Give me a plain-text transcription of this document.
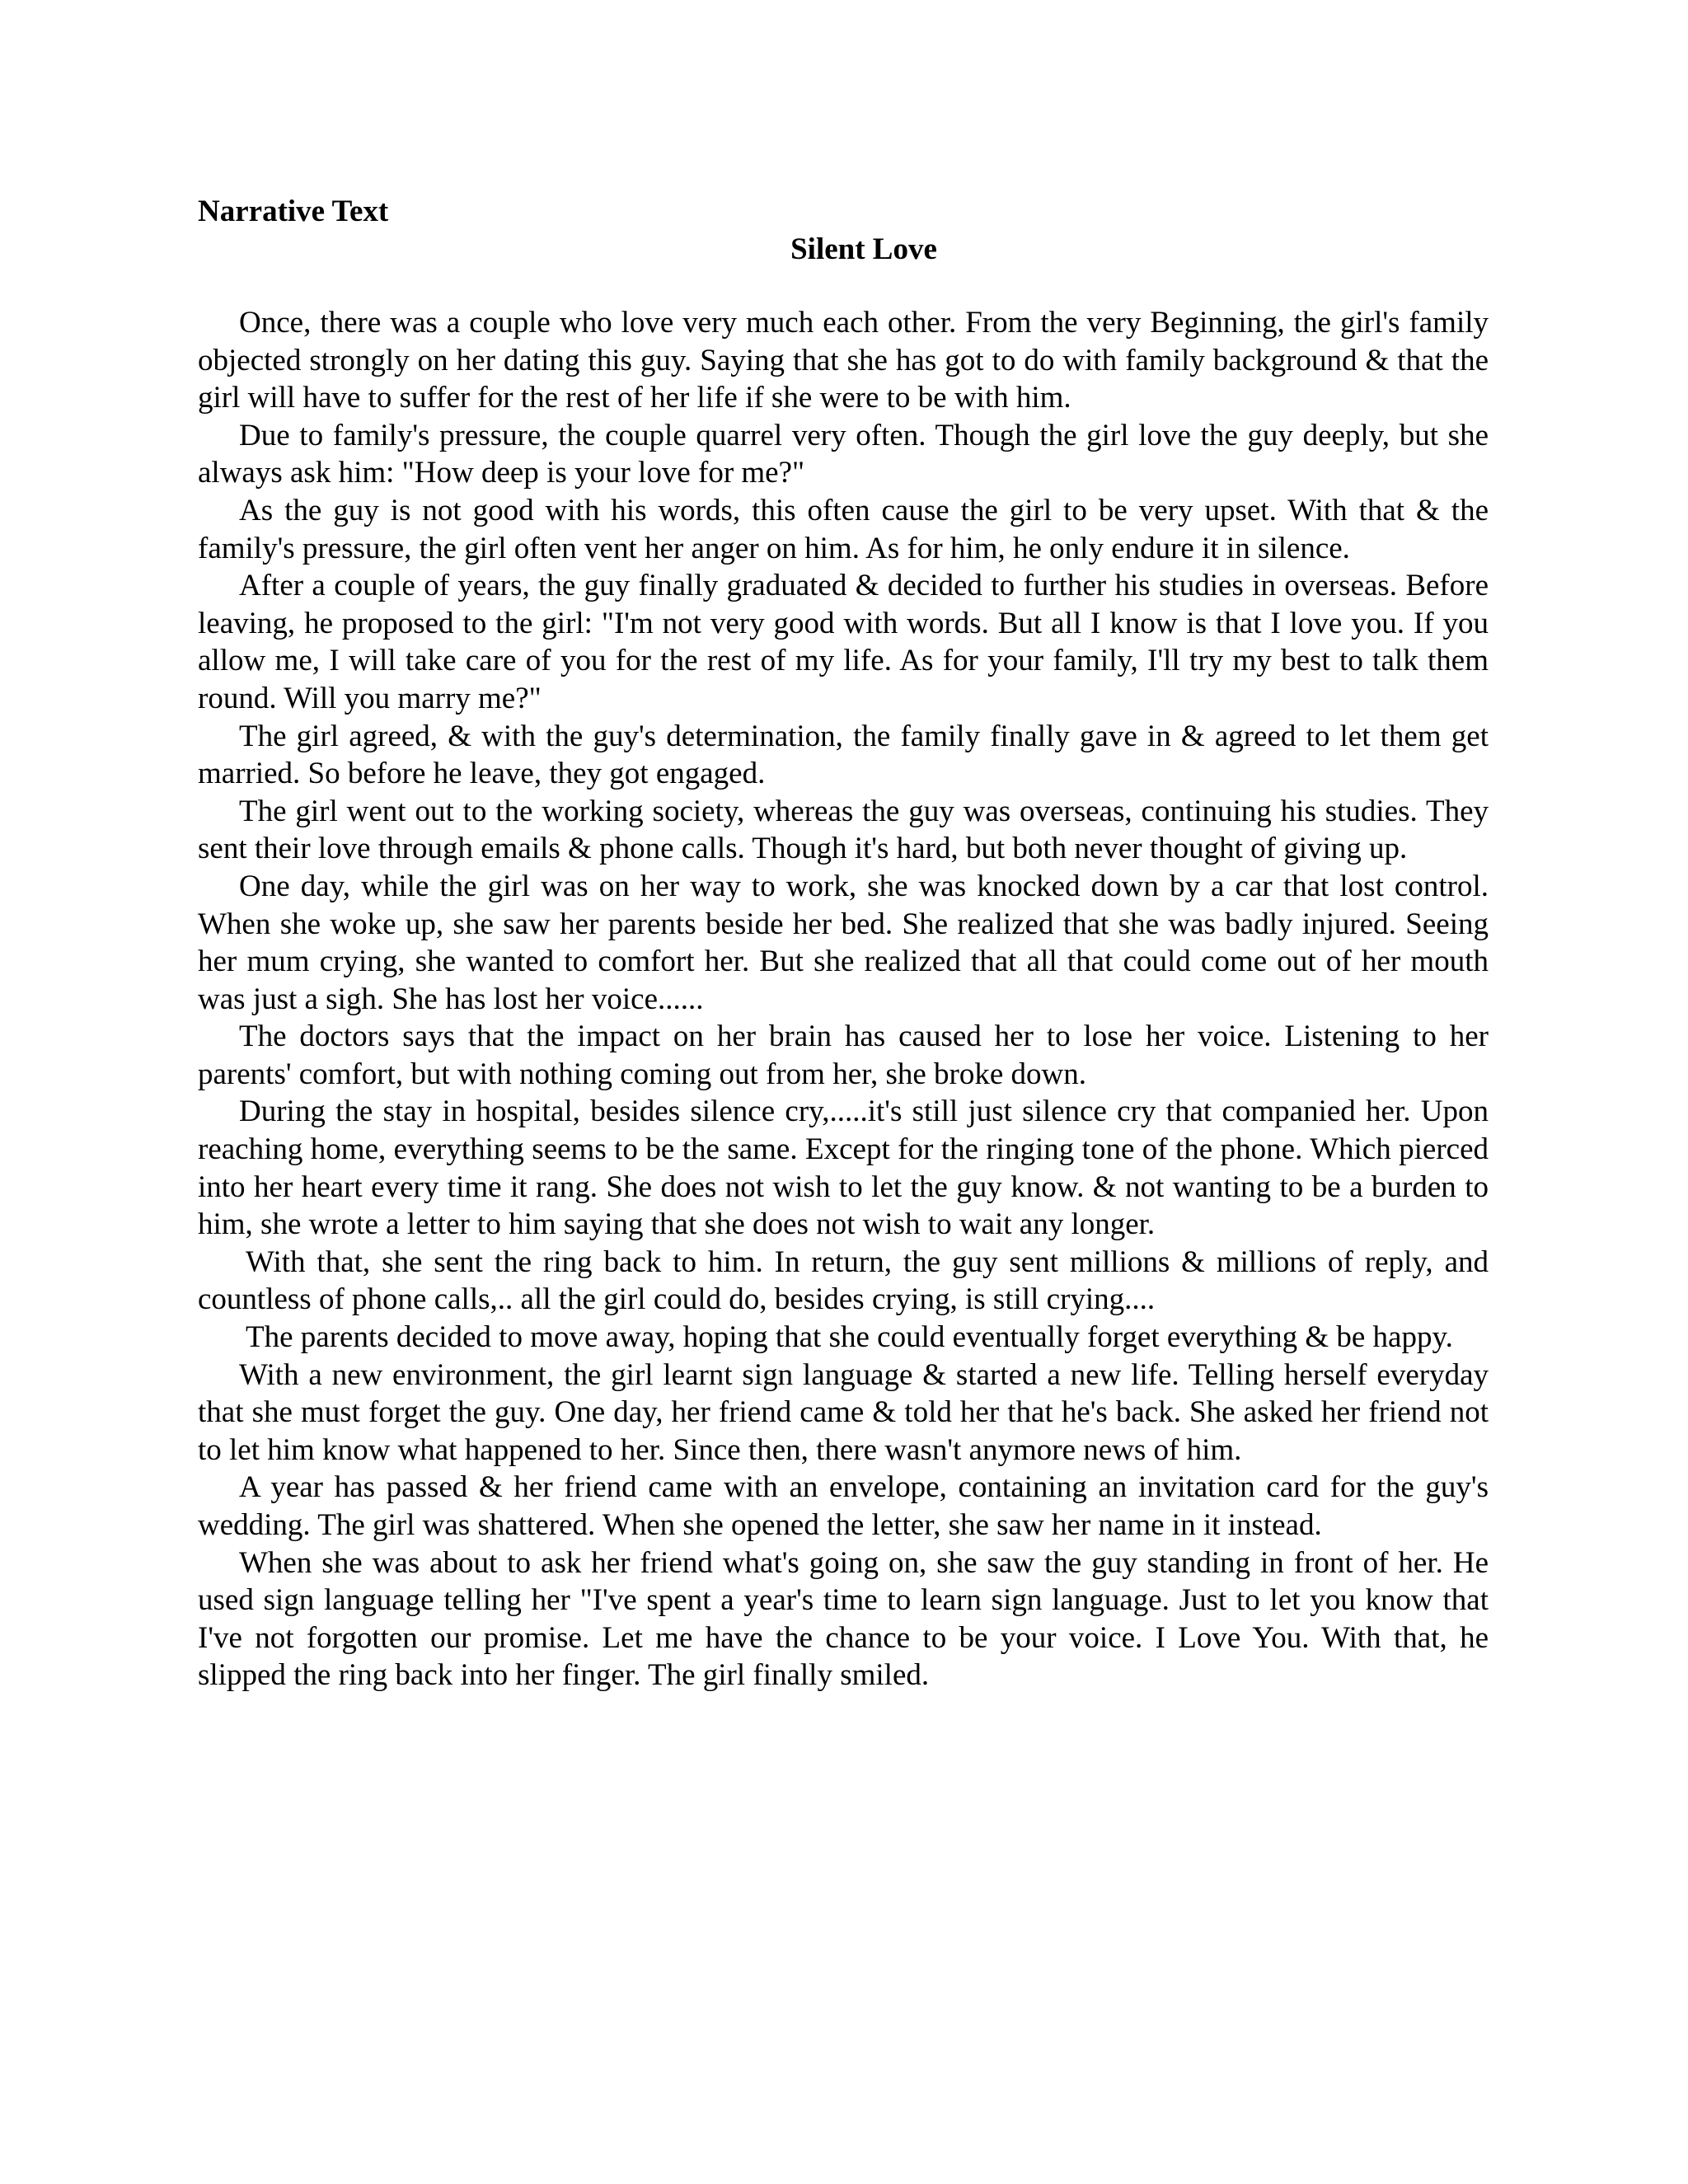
Narrative Text

Silent Love

Once, there was a couple who love very much each other. From the very Beginning, the girl's family objected strongly on her dating this guy. Saying that she has got to do with family background & that the girl will have to suffer for the rest of her life if she were to be with him.

Due to family's pressure, the couple quarrel very often. Though the girl love the guy deeply, but she always ask him: "How deep is your love for me?"

As the guy is not good with his words, this often cause the girl to be very upset. With that & the family's pressure, the girl often vent her anger on him. As for him, he only endure it in silence.

After a couple of years, the guy finally graduated & decided to further his studies in overseas. Before leaving, he proposed to the girl: "I'm not very good with words. But all I know is that I love you. If you allow me, I will take care of you for the rest of my life. As for your family, I'll try my best to talk them round. Will you marry me?"

The girl agreed, & with the guy's determination, the family finally gave in & agreed to let them get married. So before he leave, they got engaged.

The girl went out to the working society, whereas the guy was overseas, continuing his studies. They sent their love through emails & phone calls. Though it's hard, but both never thought of giving up.

One day, while the girl was on her way to work, she was knocked down by a car that lost control. When she woke up, she saw her parents beside her bed. She realized that she was badly injured. Seeing her mum crying, she wanted to comfort her. But she realized that all that could come out of her mouth was just a sigh. She has lost her voice......

The doctors says that the impact on her brain has caused her to lose her voice. Listening to her parents' comfort, but with nothing coming out from her, she broke down.

During the stay in hospital, besides silence cry,.....it's still just silence cry that companied her. Upon reaching home, everything seems to be the same. Except for the ringing tone of the phone. Which pierced into her heart every time it rang. She does not wish to let the guy know. & not wanting to be a burden to him, she wrote a letter to him saying that she does not wish to wait any longer.

With that, she sent the ring back to him. In return, the guy sent millions & millions of reply, and countless of phone calls,.. all the girl could do, besides crying, is still crying....

The parents decided to move away, hoping that she could eventually forget everything & be happy.

With a new environment, the girl learnt sign language & started a new life. Telling herself everyday that she must forget the guy. One day, her friend came & told her that he's back. She asked her friend not to let him know what happened to her. Since then, there wasn't anymore news of him.

A year has passed & her friend came with an envelope, containing an invitation card for the guy's wedding. The girl was shattered. When she opened the letter, she saw her name in it instead.

When she was about to ask her friend what's going on, she saw the guy standing in front of her. He used sign language telling her "I've spent a year's time to learn sign language. Just to let you know that I've not forgotten our promise. Let me have the chance to be your voice. I Love You. With that, he slipped the ring back into her finger. The girl finally smiled.
